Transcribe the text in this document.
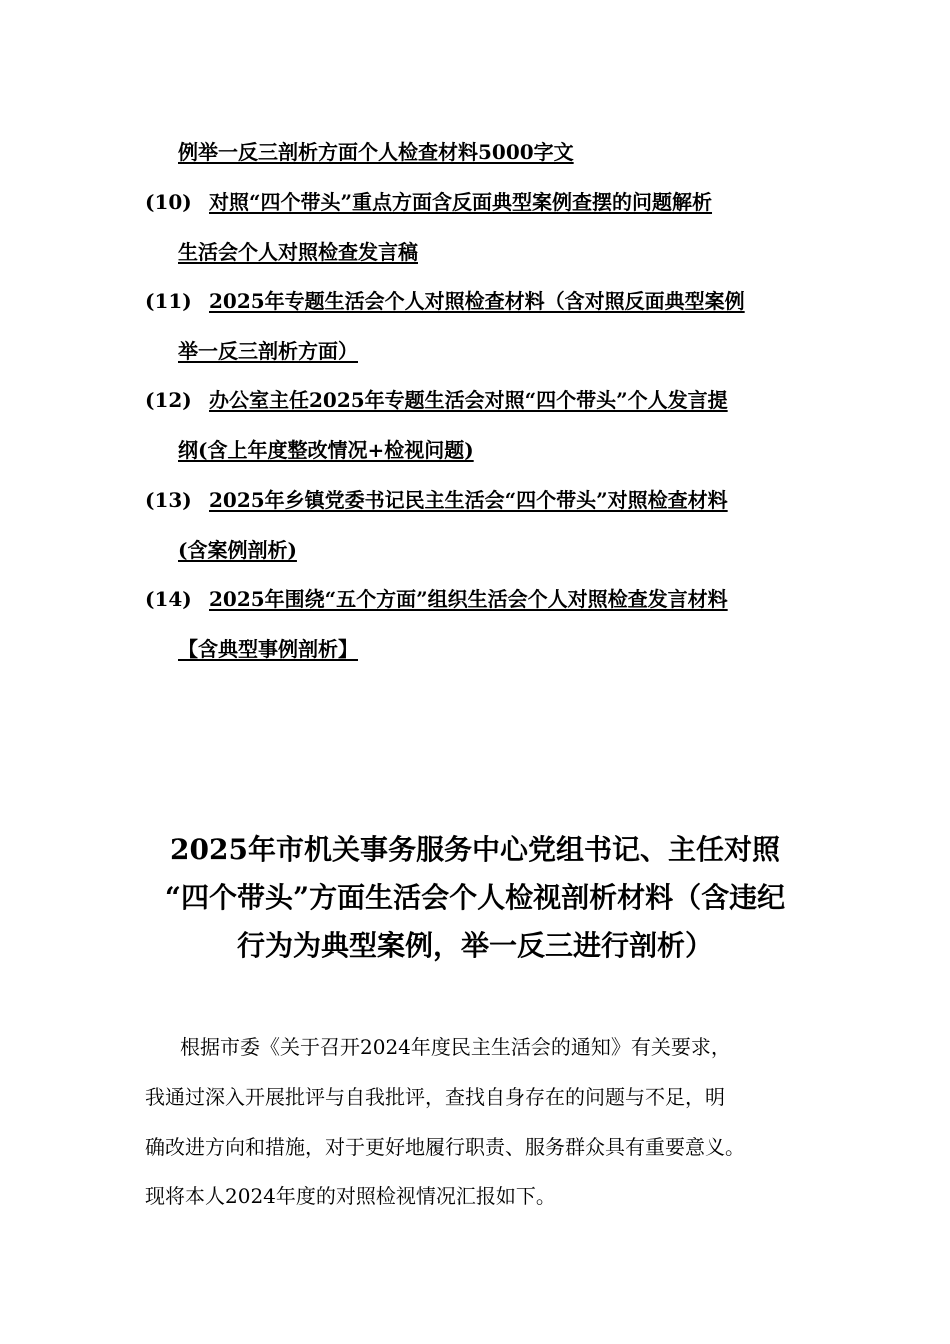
例举一反三剖析方面个人检查材料5000字文
(10) 对照“四个带头”重点方面含反面典型案例查摆的问题解析
生活会个人对照检查发言稿
(11) 2025年专题生活会个人对照检查材料（含对照反面典型案例
举一反三剖析方面）
(12) 办公室主任2025年专题生活会对照“四个带头”个人发言提
纲(含上年度整改情况+检视问题)
(13) 2025年乡镇党委书记民主生活会“四个带头”对照检查材料
(含案例剖析)
(14) 2025年围绕“五个方面”组织生活会个人对照检查发言材料
【含典型事例剖析】
2025年市机关事务服务中心党组书记、主任对照
“四个带头”方面生活会个人检视剖析材料（含违纪
行为为典型案例，举一反三进行剖析）
根据市委《关于召开2024年度民主生活会的通知》有关要求，
我通过深入开展批评与自我批评，查找自身存在的问题与不足，明
确改进方向和措施，对于更好地履行职责、服务群众具有重要意义。
现将本人2024年度的对照检视情况汇报如下。
